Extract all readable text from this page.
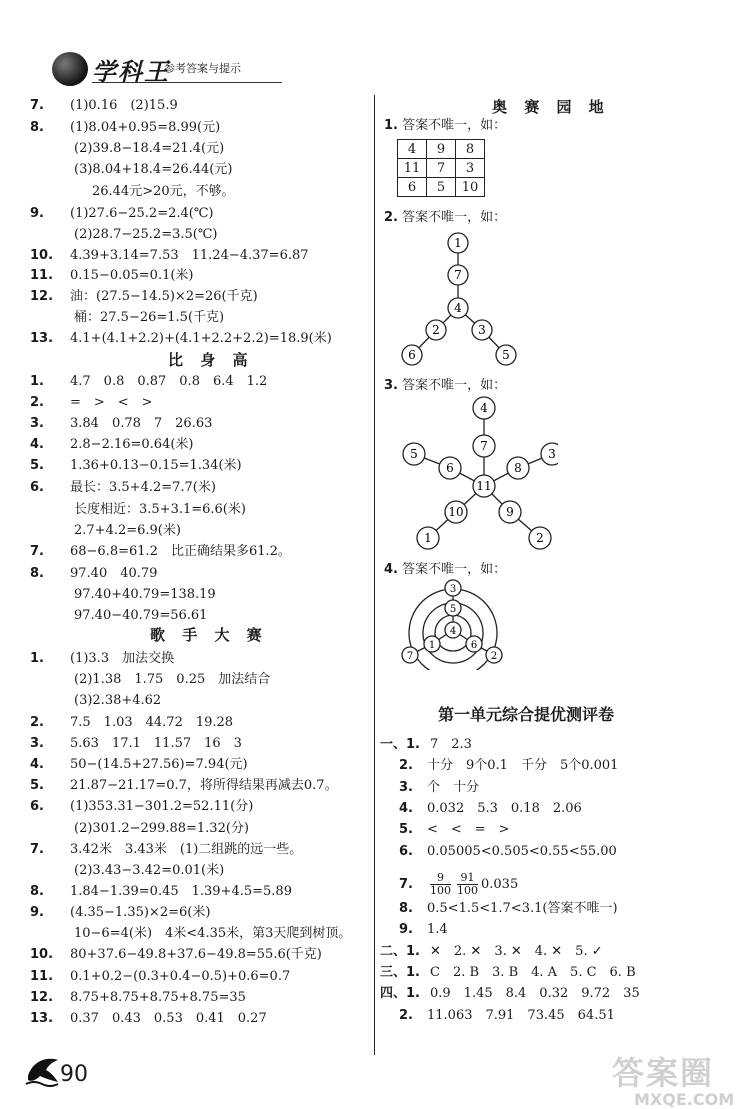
学科王
参考答案与提示
7. (1)0.16　(2)15.9
8. (1)8.04+0.95=8.99(元)
(2)39.8−18.4=21.4(元)
(3)8.04+18.4=26.44(元)
26.44元>20元，不够。
9. (1)27.6−25.2=2.4(℃)
(2)28.7−25.2=3.5(℃)
10. 4.39+3.14=7.53　11.24−4.37=6.87
11. 0.15−0.05=0.1(米)
12. 油：(27.5−14.5)×2=26(千克)
桶：27.5−26=1.5(千克)
13. 4.1+(4.1+2.2)+(4.1+2.2+2.2)=18.9(米)
1. 4.7　0.8　0.87　0.8　6.4　1.2
2. =　>　<　>
3. 3.84　0.78　7　26.63
4. 2.8−2.16=0.64(米)
5. 1.36+0.13−0.15=1.34(米)
6. 最长：3.5+4.2=7.7(米)
长度相近：3.5+3.1=6.6(米)
2.7+4.2=6.9(米)
7. 68−6.8=61.2　比正确结果多61.2。
8. 97.40　40.79
97.40+40.79=138.19
97.40−40.79=56.61
1. (1)3.3　加法交换
(2)1.38　1.75　0.25　加法结合
(3)2.38+4.62
2. 7.5　1.03　44.72　19.28
3. 5.63　17.1　11.57　16　3
4. 50−(14.5+27.56)=7.94(元)
5. 21.87−21.17=0.7，将所得结果再减去0.7。
6. (1)353.31−301.2=52.11(分)
(2)301.2−299.88=1.32(分)
7. 3.42米　3.43米　(1)二组跳的远一些。
(2)3.43−3.42=0.01(米)
8. 1.84−1.39=0.45　1.39+4.5=5.89
9. (4.35−1.35)×2=6(米)
10−6=4(米)　4米<4.35米，第3天爬到树顶。
10. 80+37.6−49.8+37.6−49.8=55.6(千克)
11. 0.1+0.2−(0.3+0.4−0.5)+0.6=0.7
12. 8.75+8.75+8.75+8.75=35
13. 0.37　0.43　0.53　0.41　0.27
比 身 高
歌 手 大 赛
奥 赛 园 地
1. 答案不唯一，如：
4	9	8
11	7	3
6	5	10
2. 答案不唯一，如：
1
7
4
2	3
6	5
3. 答案不唯一，如：
4
7
5
6	8
3
11
10	9
1	2
4. 答案不唯一，如：
3
5
4
1	6
7	2
第一单元综合提优测评卷
一、1. 7　2.3
2. 十分　9个0.1　千分　5个0.001
3. 个　十分
4. 0.032　5.3　0.18　2.06
5. <　<　=　>
6. 0.05005<0.505<0.55<55.00
7. $\frac{9}{100} \frac{91}{100} 0.035$
8. 0.5<1.5<1.7<3.1(答案不唯一)
9. 1.4
二、1. ✕　2. ✕　3. ✕　4. ✕　5. ✓
三、1. C　2. B　3. B　4. A　5. C　6. B
四、1. 0.9　1.45　8.4　0.32　9.72　35
2. 11.063　7.91　73.45　64.51
90	答案圈
MXQE.COM
